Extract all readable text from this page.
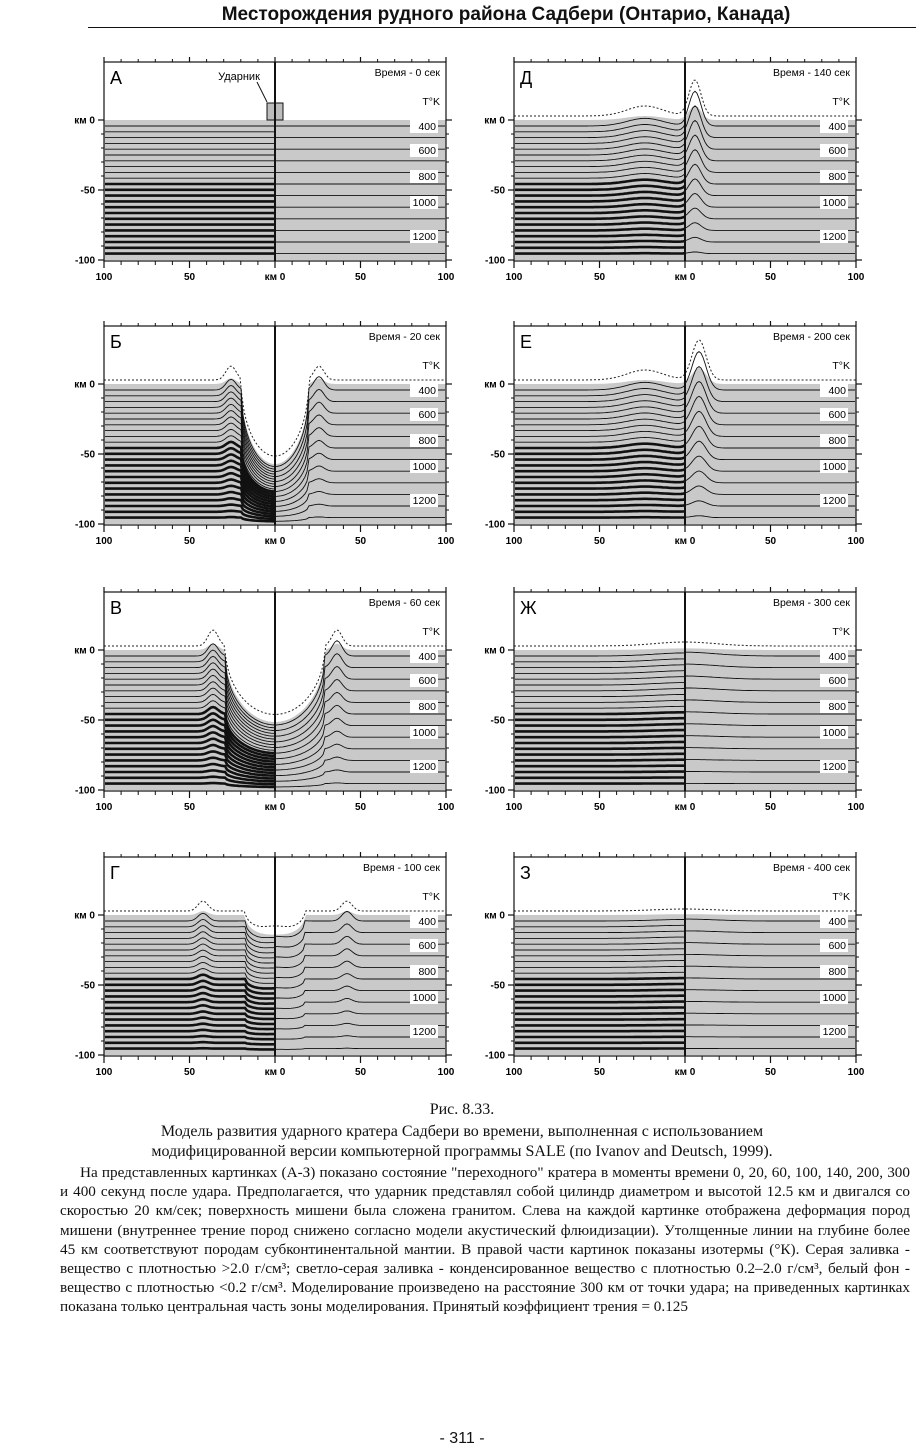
Месторождения рудного района Садбери (Онтарио, Канада)
Ударник
100	50	км 0	50	100
км 0
-50
-100
А	Время - 0 сек
T°K
400
600
800
1000
1200
100	50	км 0	50	100
км 0
-50
-100
Д	Время - 140 сек
T°K
400
600
800
1000
1200
100	50	км 0	50	100
км 0
-50
-100
Б	Время - 20 сек
T°K
400
600
800
1000
1200
100	50	км 0	50	100
км 0
-50
-100
Е	Время - 200 сек
T°K
400
600
800
1000
1200
100	50	км 0	50	100
км 0
-50
-100
В	Время - 60 сек
T°K
400
600
800
1000
1200
100	50	км 0	50	100
км 0
-50
-100
Ж	Время - 300 сек
T°K
400
600
800
1000
1200
100	50	км 0	50	100
км 0
-50
-100
Г	Время - 100 сек
T°K
400
600
800
1000
1200
100	50	км 0	50	100
км 0
-50
-100
З	Время - 400 сек
T°K
400
600
800
1000
1200
Рис. 8.33.
Модель развития ударного кратера Садбери во времени, выполненная с использованием
модифицированной версии компьютерной программы SALE (по Ivanov and Deutsch, 1999).

На представленных картинках (А-З) показано состояние "переходного" кратера в моменты времени 0, 20, 60, 100, 140, 200, 300 и 400 секунд после удара. Предполагается, что ударник представлял собой цилиндр диаметром и высотой 12.5 км и двигался со скоростью 20 км/сек; поверхность мишени была сложена гранитом. Слева на каждой картинке отображена деформация пород мишени (внутреннее трение пород снижено согласно модели акустический флюидизации). Утолщенные линии на глубине более 45 км соответствуют породам субконтинентальной мантии. В правой части картинок показаны изотермы (°К). Серая заливка - вещество с плотностью >2.0 г/см³; светло-серая заливка - конденсированное вещество с плотностью 0.2–2.0 г/см³, белый фон - вещество с плотностью <0.2 г/см³. Моделирование произведено на расстояние 300 км от точки удара; на приведенных картинках показана только центральная часть зоны моделирования. Принятый коэффициент трения = 0.125

- 311 -
